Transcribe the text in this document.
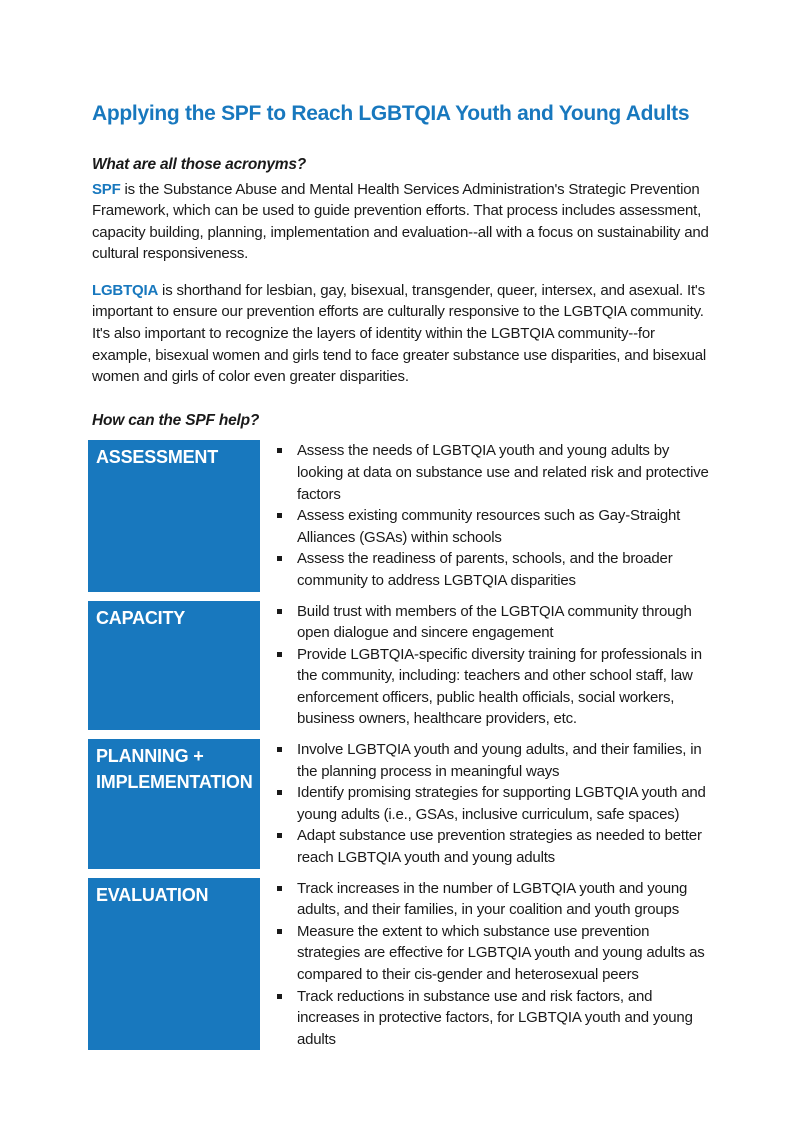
Applying the SPF to Reach LGBTQIA Youth and Young Adults

What are all those acronyms?

SPF is the Substance Abuse and Mental Health Services Administration's Strategic Prevention Framework, which can be used to guide prevention efforts. That process includes assessment, capacity building, planning, implementation and evaluation--all with a focus on sustainability and cultural responsiveness.

LGBTQIA is shorthand for lesbian, gay, bisexual, transgender, queer, intersex, and asexual. It's important to ensure our prevention efforts are culturally responsive to the LGBTQIA community. It's also important to recognize the layers of identity within the LGBTQIA community--for example, bisexual women and girls tend to face greater substance use disparities, and bisexual women and girls of color even greater disparities.

How can the SPF help?

ASSESSMENT	Assess the needs of LGBTQIA youth and young adults by looking at data on substance use and related risk and protective factors
Assess existing community resources such as Gay-Straight Alliances (GSAs) within schools
Assess the readiness of parents, schools, and the broader community to address LGBTQIA disparities
CAPACITY	Build trust with members of the LGBTQIA community through open dialogue and sincere engagement
Provide LGBTQIA-specific diversity training for professionals in the community, including: teachers and other school staff, law enforcement officers, public health officials, social workers, business owners, healthcare providers, etc.
PLANNING + IMPLEMENTATION
Involve LGBTQIA youth and young adults, and their families, in the planning process in meaningful ways
Identify promising strategies for supporting LGBTQIA youth and young adults (i.e., GSAs, inclusive curriculum, safe spaces)
Adapt substance use prevention strategies as needed to better reach LGBTQIA youth and young adults
EVALUATION	Track increases in the number of LGBTQIA youth and young adults, and their families, in your coalition and youth groups
Measure the extent to which substance use prevention strategies are effective for LGBTQIA youth and young adults as compared to their cis-gender and heterosexual peers
Track reductions in substance use and risk factors, and increases in protective factors, for LGBTQIA youth and young adults
